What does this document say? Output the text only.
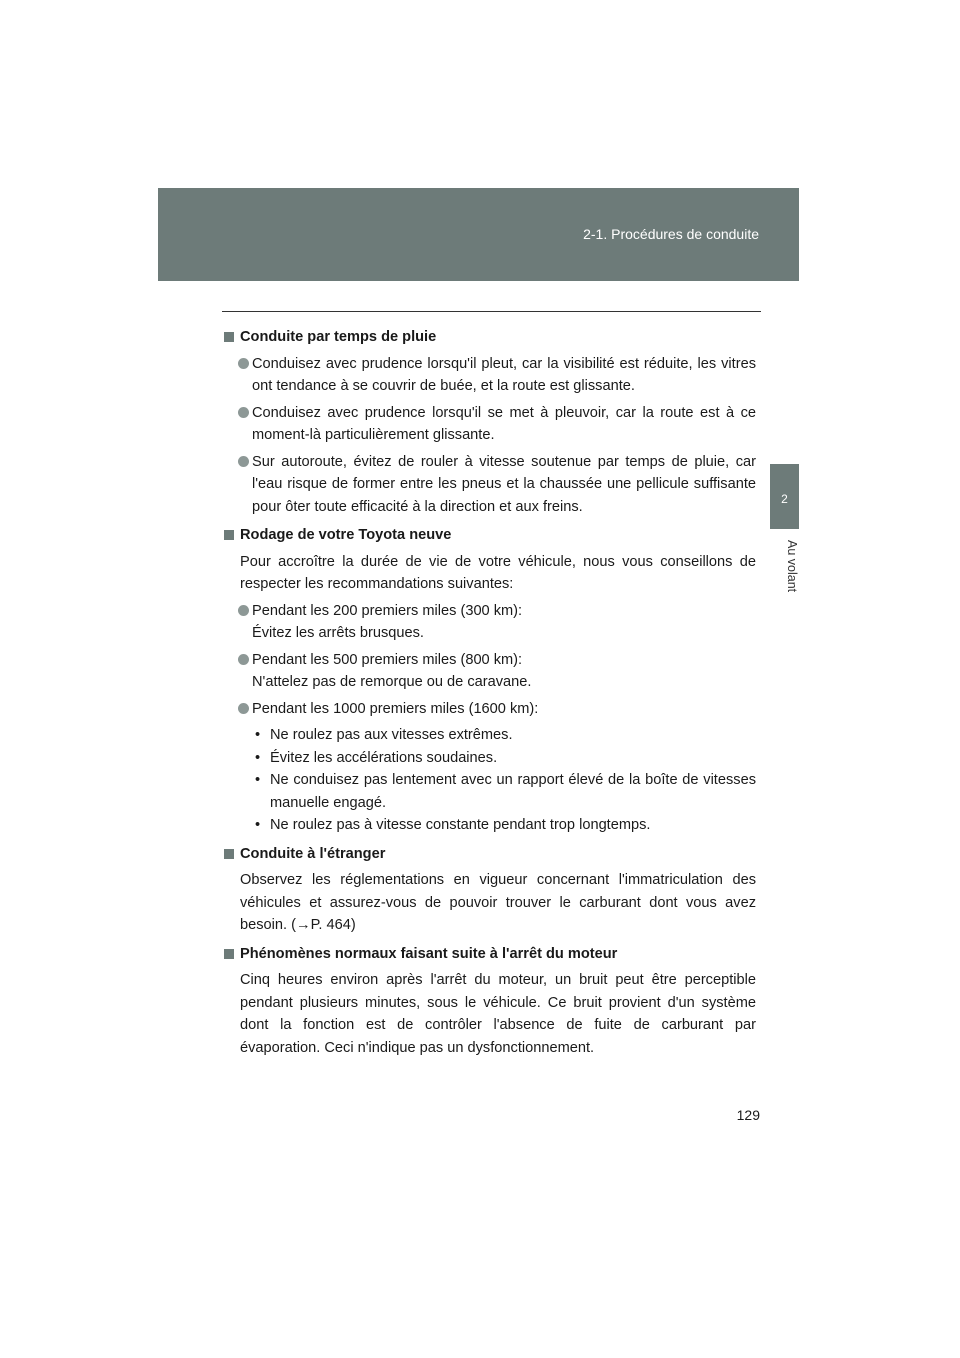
2-1. Procédures de conduite
2
Au volant
Conduite par temps de pluie
Conduisez avec prudence lorsqu'il pleut, car la visibilité est réduite, les vitres ont tendance à se couvrir de buée, et la route est glissante.
Conduisez avec prudence lorsqu'il se met à pleuvoir, car la route est à ce moment-là particulièrement glissante.
Sur autoroute, évitez de rouler à vitesse soutenue par temps de pluie, car l'eau risque de former entre les pneus et la chaussée une pellicule suffisante pour ôter toute efficacité à la direction et aux freins.
Rodage de votre Toyota neuve
Pour accroître la durée de vie de votre véhicule, nous vous conseillons de respecter les recommandations suivantes:
Pendant les 200 premiers miles (300 km):
Évitez les arrêts brusques.
Pendant les 500 premiers miles (800 km):
N'attelez pas de remorque ou de caravane.
Pendant les 1000 premiers miles (1600 km):
• Ne roulez pas aux vitesses extrêmes.
• Évitez les accélérations soudaines.
• Ne conduisez pas lentement avec un rapport élevé de la boîte de vitesses manuelle engagé.
• Ne roulez pas à vitesse constante pendant trop longtemps.
Conduite à l'étranger
Observez les réglementations en vigueur concernant l'immatriculation des véhicules et assurez-vous de pouvoir trouver le carburant dont vous avez besoin. (→P. 464)
Phénomènes normaux faisant suite à l'arrêt du moteur
Cinq heures environ après l'arrêt du moteur, un bruit peut être perceptible pendant plusieurs minutes, sous le véhicule. Ce bruit provient d'un système dont la fonction est de contrôler l'absence de fuite de carburant par évaporation. Ceci n'indique pas un dysfonctionnement.
129
